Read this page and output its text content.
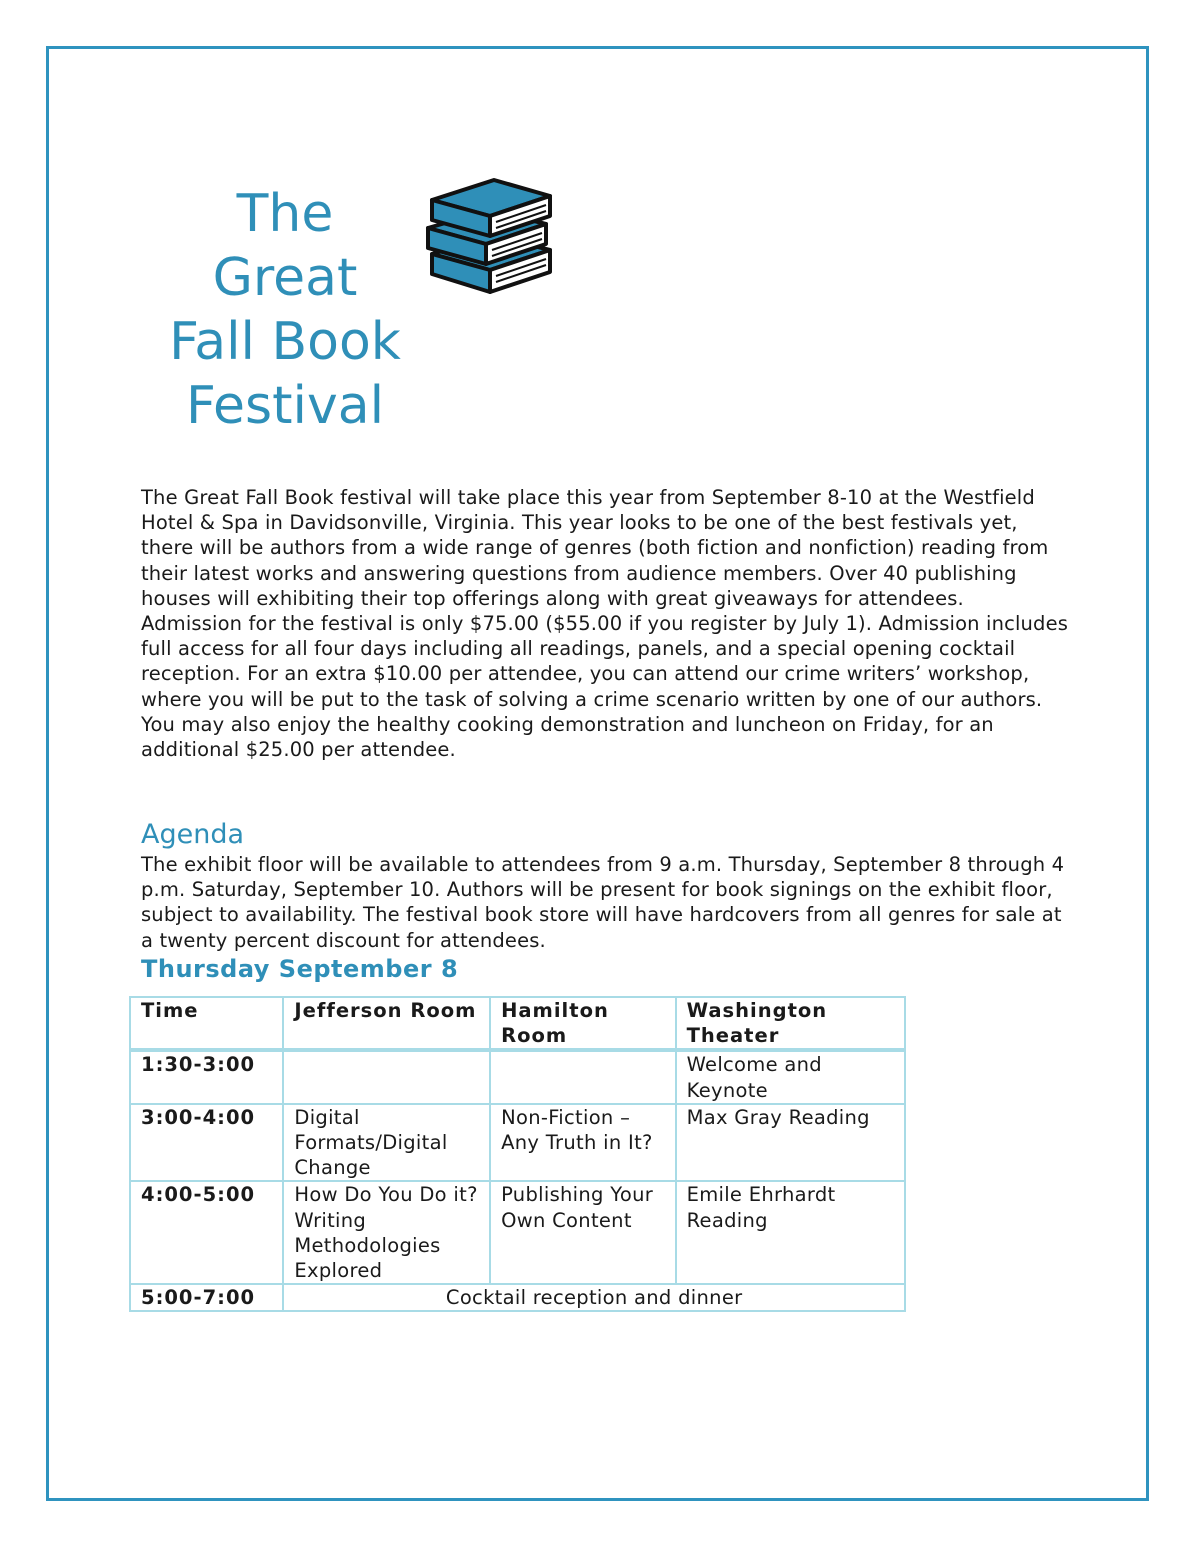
The
Great
Fall Book
Festival

The Great Fall Book festival will take place this year from September 8-10 at the Westfield Hotel & Spa in Davidsonville, Virginia. This year looks to be one of the best festivals yet, there will be authors from a wide range of genres (both fiction and nonfiction) reading from their latest works and answering questions from audience members. Over 40 publishing houses will exhibiting their top offerings along with great giveaways for attendees.

Admission for the festival is only $75.00 ($55.00 if you register by July 1). Admission includes full access for all four days including all readings, panels, and a special opening cocktail reception. For an extra $10.00 per attendee, you can attend our crime writers’ workshop, where you will be put to the task of solving a crime scenario written by one of our authors. You may also enjoy the healthy cooking demonstration and luncheon on Friday, for an additional $25.00 per attendee.

Agenda

The exhibit floor will be available to attendees from 9 a.m. Thursday, September 8 through 4 p.m. Saturday, September 10. Authors will be present for book signings on the exhibit floor, subject to availability. The festival book store will have hardcovers from all genres for sale at a twenty percent discount for attendees.

Thursday September 8
Time	Jefferson Room	Hamilton Room	Washington Theater
1:30-3:00			Welcome and Keynote
3:00-4:00	Digital Formats/Digital Change	Non-Fiction – Any Truth in It?	Max Gray Reading
4:00-5:00	How Do You Do it? Writing Methodologies Explored	Publishing Your Own Content	Emile Ehrhardt Reading
5:00-7:00	Cocktail reception and dinner		
